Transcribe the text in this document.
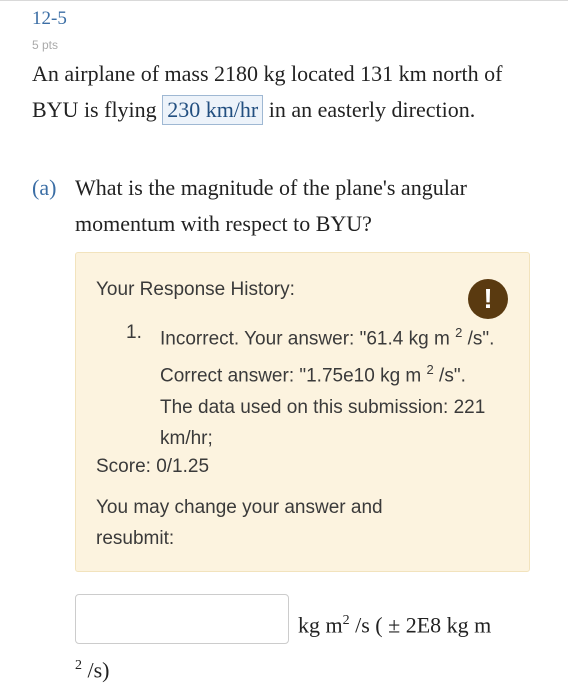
12-5
5 pts
An airplane of mass 2180 kg located 131 km north of BYU is flying 230 km/hr in an easterly direction.
(a) What is the magnitude of the plane's angular momentum with respect to BYU?
Your Response History:	!
1. Incorrect. Your answer: "61.4 kg m $^2$ /s". Correct answer: "1.75e10 kg m $^2$ /s". The data used on this submission: 221 km/hr;
Score: 0/1.25
You may change your answer and resubmit:
kg $m^2$ /s ( ± 2E8 kg m
$^2$ /s)
